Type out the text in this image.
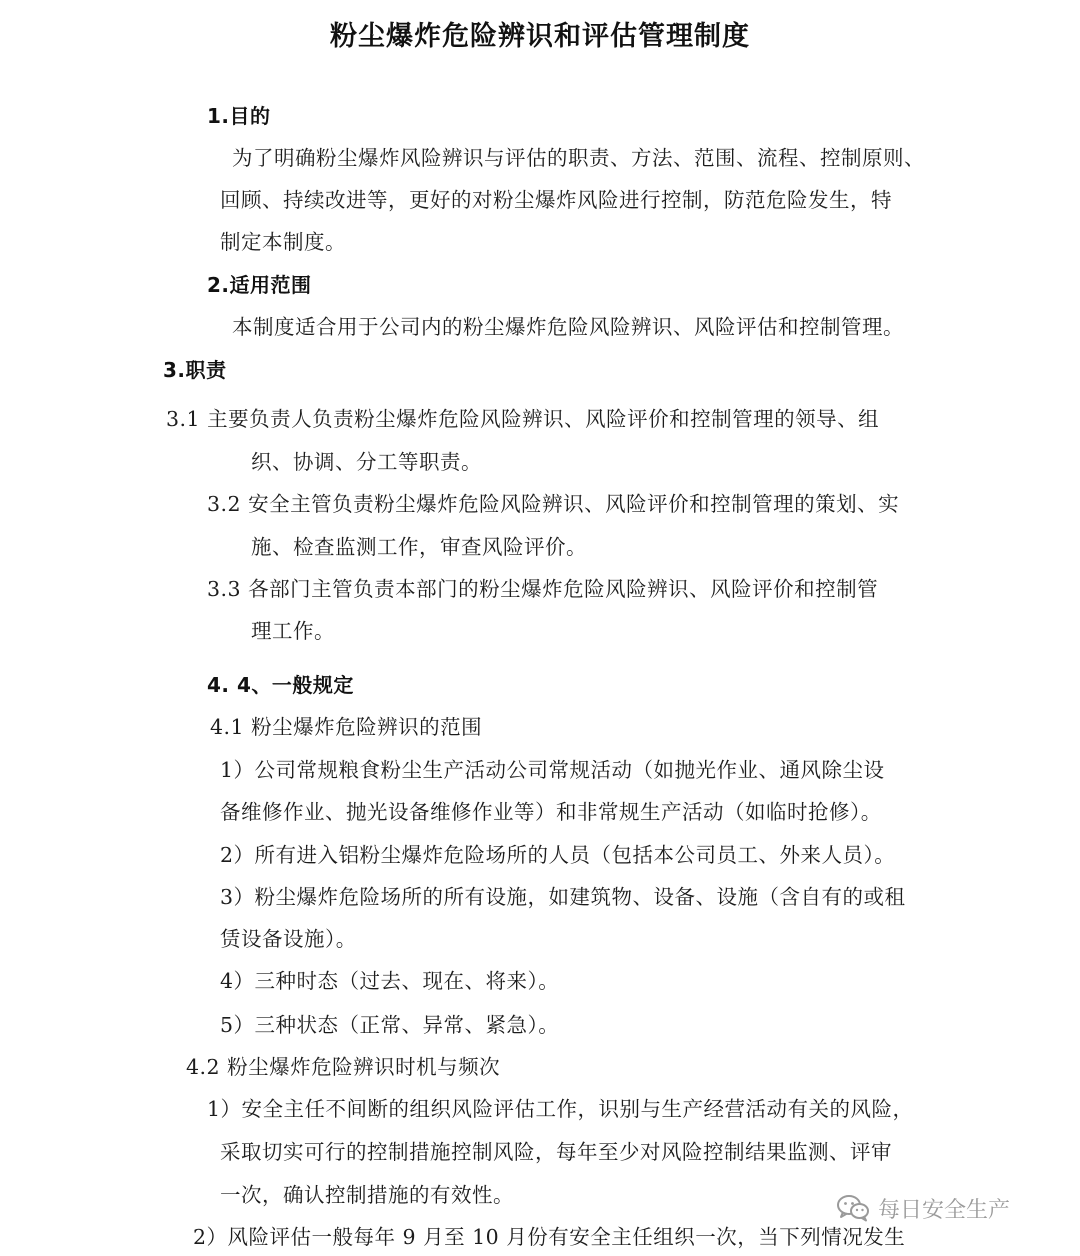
粉尘爆炸危险辨识和评估管理制度
1.目的
为了明确粉尘爆炸风险辨识与评估的职责、方法、范围、流程、控制原则、
回顾、持续改进等，更好的对粉尘爆炸风险进行控制，防范危险发生，特
制定本制度。
2.适用范围
本制度适合用于公司内的粉尘爆炸危险风险辨识、风险评估和控制管理。
3.职责
3.1 主要负责人负责粉尘爆炸危险风险辨识、风险评价和控制管理的领导、组
织、协调、分工等职责。
3.2 安全主管负责粉尘爆炸危险风险辨识、风险评价和控制管理的策划、实
施、检查监测工作，审查风险评价。
3.3 各部门主管负责本部门的粉尘爆炸危险风险辨识、风险评价和控制管
理工作。
4. 4、一般规定
4.1 粉尘爆炸危险辨识的范围
1）公司常规粮食粉尘生产活动公司常规活动（如抛光作业、通风除尘设
备维修作业、抛光设备维修作业等）和非常规生产活动（如临时抢修）。
2）所有进入铝粉尘爆炸危险场所的人员（包括本公司员工、外来人员）。
3）粉尘爆炸危险场所的所有设施，如建筑物、设备、设施（含自有的或租
赁设备设施）。
4）三种时态（过去、现在、将来）。
5）三种状态（正常、异常、紧急）。
4.2 粉尘爆炸危险辨识时机与频次
1）安全主任不间断的组织风险评估工作，识别与生产经营活动有关的风险，
采取切实可行的控制措施控制风险，每年至少对风险控制结果监测、评审
一次，确认控制措施的有效性。
2）风险评估一般每年 9 月至 10 月份有安全主任组织一次，当下列情况发生
每日安全生产
